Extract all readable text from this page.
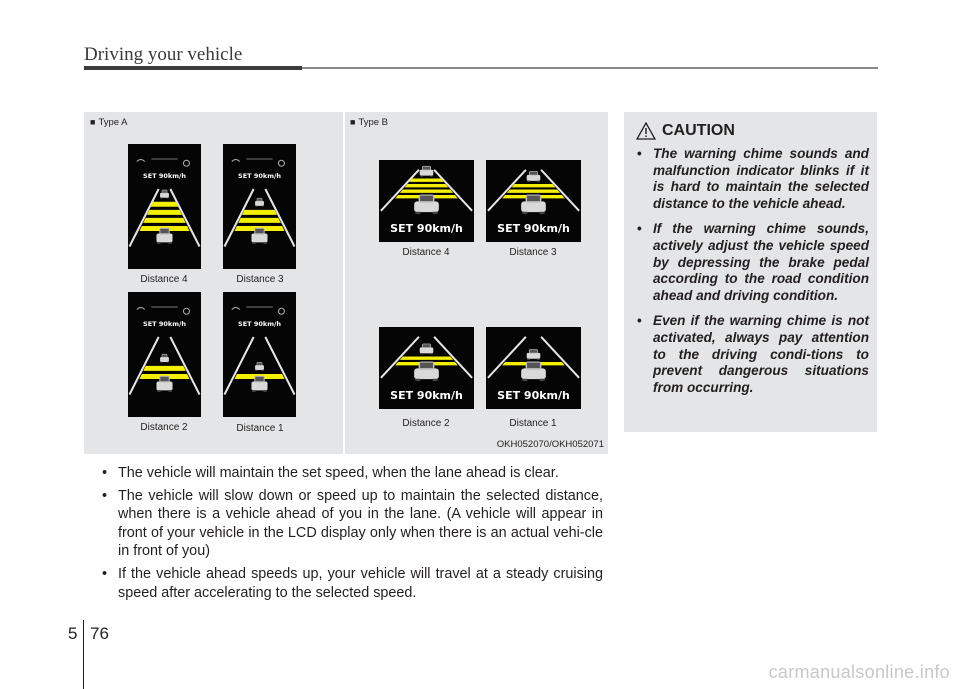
Driving your vehicle
■ Type A	■ Type B
SET 90km/h	SET 90km/h
Distance 4	Distance 3
SET 90km/h	SET 90km/h
Distance 2	Distance 1
SET 90km/h	SET 90km/h
Distance 4	Distance 3
SET 90km/h	SET 90km/h
Distance 2	Distance 1
OKH052070/OKH052071
• The vehicle will maintain the set speed, when the lane ahead is clear.
• The vehicle will slow down or speed up to maintain the selected distance, when there is a vehicle ahead of you in the lane. (A vehicle will appear in front of your vehicle in the LCD display only when there is an actual vehi-cle in front of you)
• If the vehicle ahead speeds up, your vehicle will travel at a steady cruising speed after accelerating to the selected speed.
CAUTION
• The warning chime sounds and malfunction indicator blinks if it is hard to maintain the selected distance to the vehicle ahead.
• If the warning chime sounds, actively adjust the vehicle speed by depressing the brake pedal according to the road condition ahead and driving condition.
• Even if the warning chime is not activated, always pay attention to the driving condi-tions to prevent dangerous situations from occurring.
5 76
carmanualsonline.info
